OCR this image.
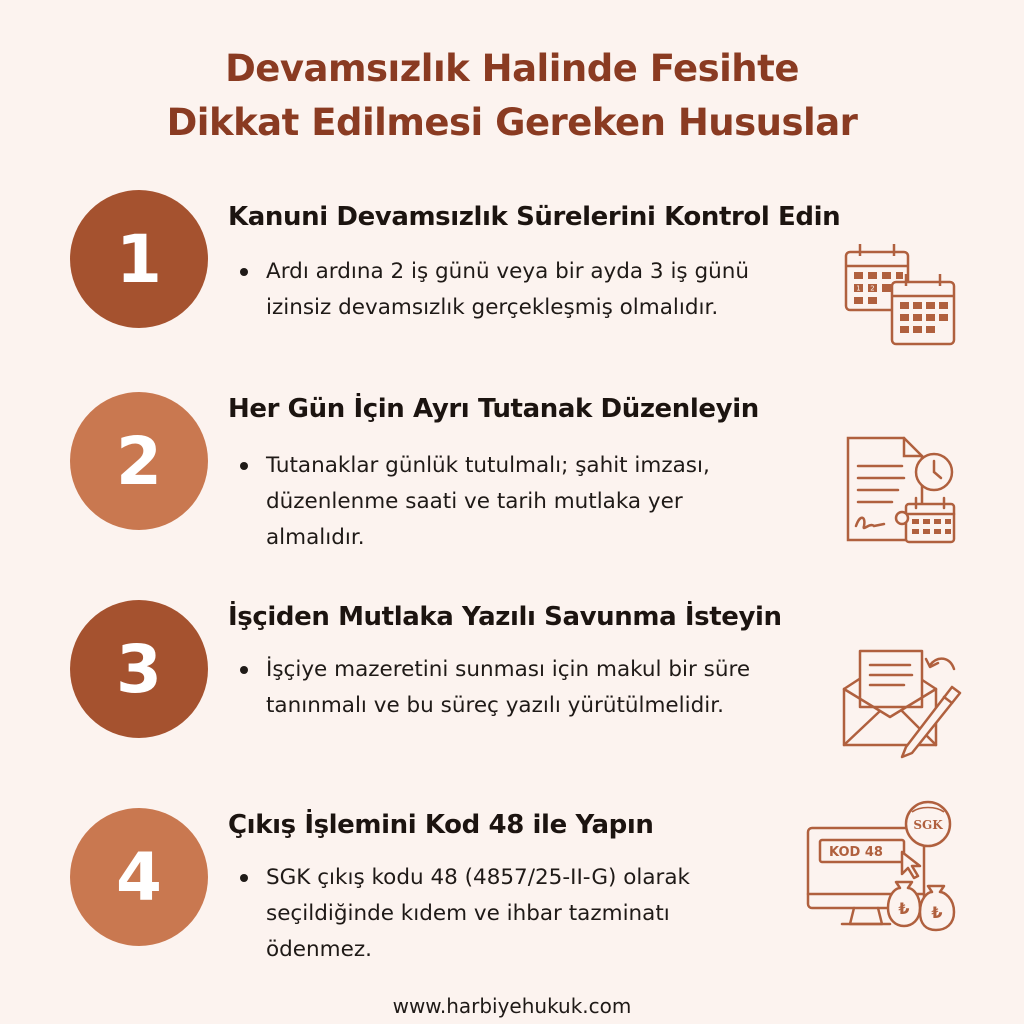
Devamsızlık Halinde Fesihte
Dikkat Edilmesi Gereken Hususlar
1
Kanuni Devamsızlık Sürelerini Kontrol Edin
Ardı ardına 2 iş günü veya bir ayda 3 iş günü
izinsiz devamsızlık gerçekleşmiş olmalıdır.
1 2
2
Her Gün İçin Ayrı Tutanak Düzenleyin
Tutanaklar günlük tutulmalı; şahit imzası,
düzenlenme saati ve tarih mutlaka yer
almalıdır.
3
İşçiden Mutlaka Yazılı Savunma İsteyin
İşçiye mazeretini sunması için makul bir süre
tanınmalı ve bu süreç yazılı yürütülmelidir.
4
Çıkış İşlemini Kod 48 ile Yapın
SGK çıkış kodu 48 (4857/25-II-G) olarak
seçildiğinde kıdem ve ihbar tazminatı
ödenmez.
SGK
KOD 48
₺ ₺
www.harbiyehukuk.com
